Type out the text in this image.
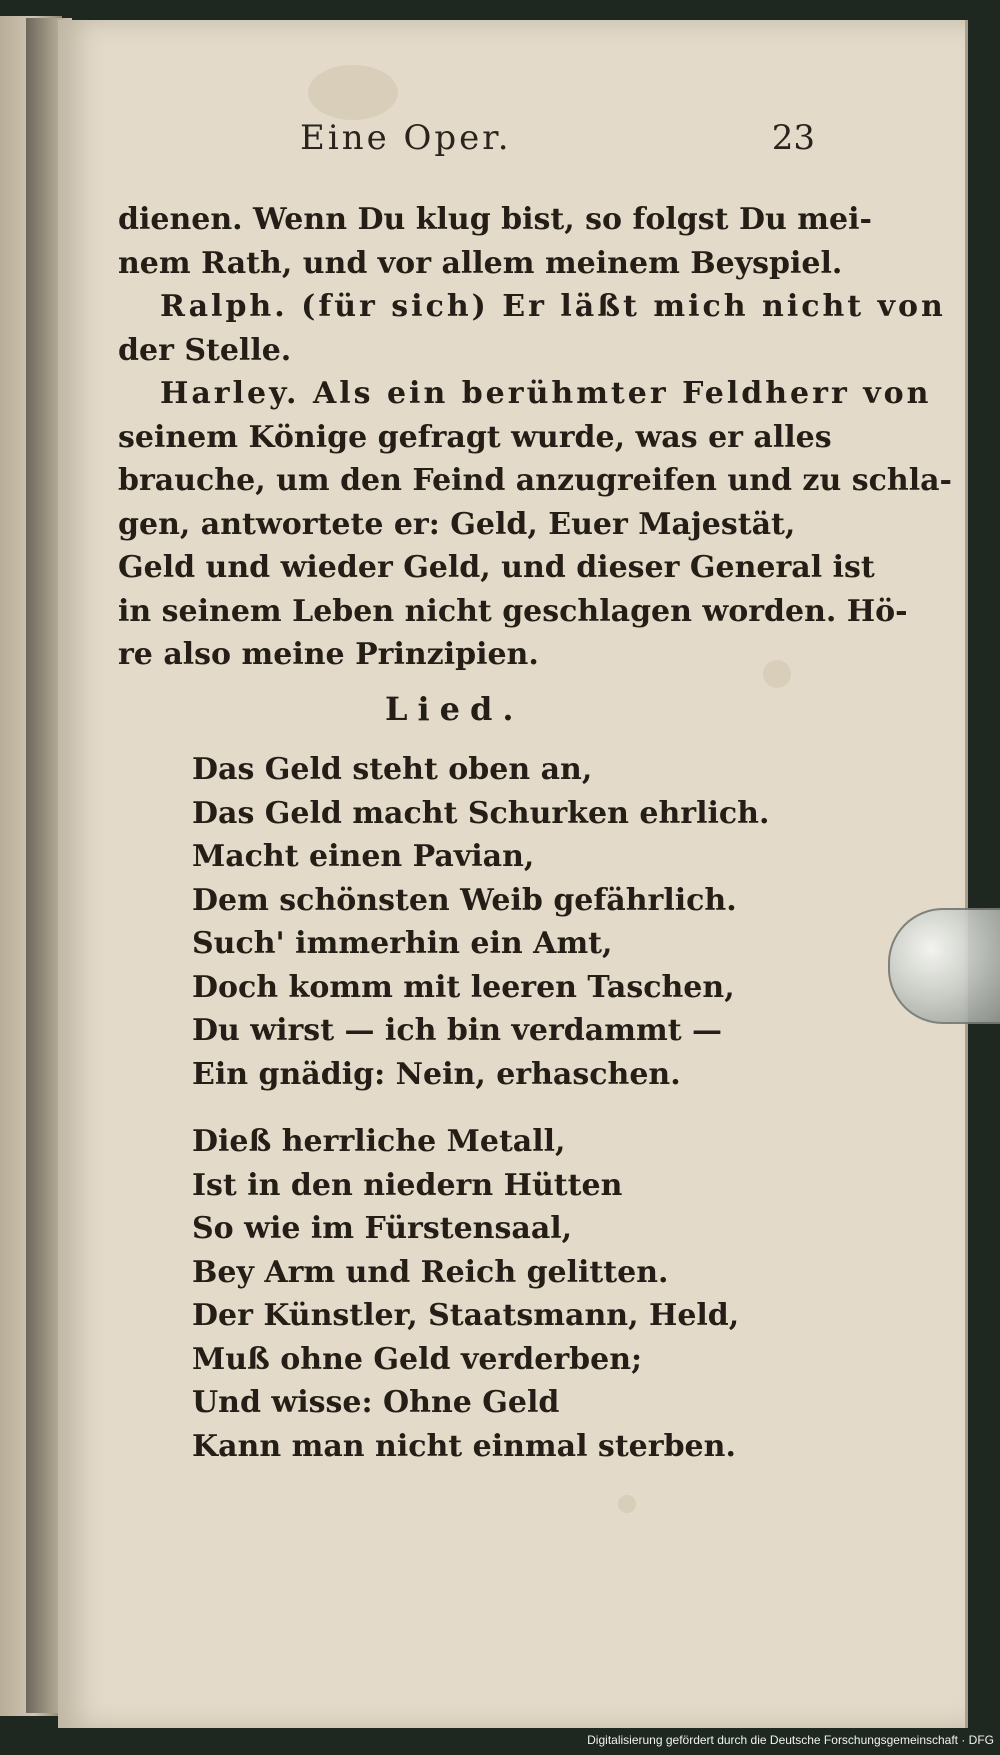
Eine Oper.	23
dienen. Wenn Du klug bist, so folgst Du mei-
nem Rath, und vor allem meinem Beyspiel.
Ralph. (für sich) Er läßt mich nicht von
der Stelle.
Harley. Als ein berühmter Feldherr von
seinem Könige gefragt wurde, was er alles
brauche, um den Feind anzugreifen und zu schla-
gen, antwortete er: Geld, Euer Majestät,
Geld und wieder Geld, und dieser General ist
in seinem Leben nicht geschlagen worden. Hö-
re also meine Prinzipien.
Lied.
Das Geld steht oben an,
Das Geld macht Schurken ehrlich.
Macht einen Pavian,
Dem schönsten Weib gefährlich.
Such' immerhin ein Amt,
Doch komm mit leeren Taschen,
Du wirst — ich bin verdammt —
Ein gnädig: Nein, erhaschen.
Dieß herrliche Metall,
Ist in den niedern Hütten
So wie im Fürstensaal,
Bey Arm und Reich gelitten.
Der Künstler, Staatsmann, Held,
Muß ohne Geld verderben;
Und wisse: Ohne Geld
Kann man nicht einmal sterben.
Digitalisierung gefördert durch die Deutsche Forschungsgemeinschaft · DFG
